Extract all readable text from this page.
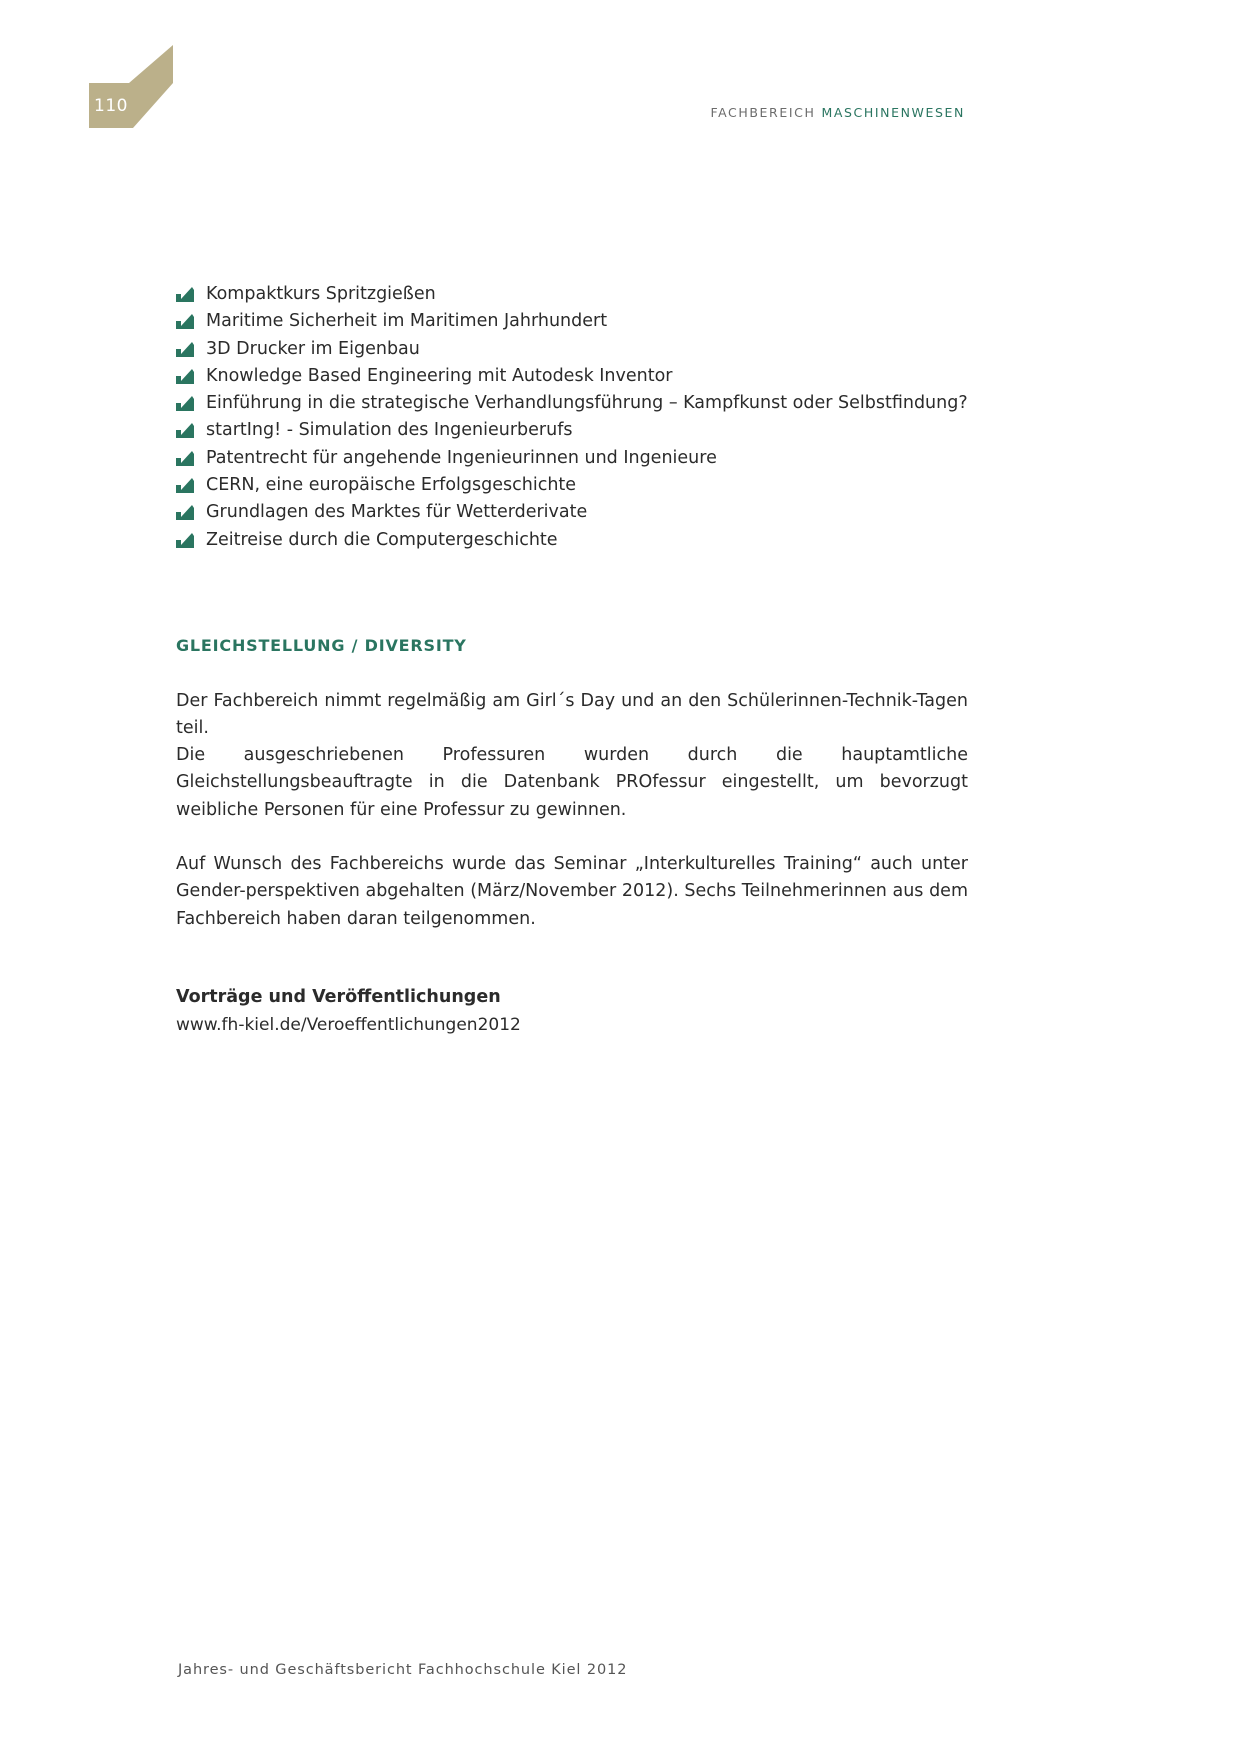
110	FACHBEREICH MASCHINENWESEN
Kompaktkurs Spritzgießen
Maritime Sicherheit im Maritimen Jahrhundert
3D Drucker im Eigenbau
Knowledge Based Engineering mit Autodesk Inventor
Einführung in die strategische Verhandlungsführung – Kampfkunst oder Selbstfindung?
startIng! - Simulation des Ingenieurberufs
Patentrecht für angehende Ingenieurinnen und Ingenieure
CERN, eine europäische Erfolgsgeschichte
Grundlagen des Marktes für Wetterderivate
Zeitreise durch die Computergeschichte
GLEICHSTELLUNG / DIVERSITY

Der Fachbereich nimmt regelmäßig am Girl´s Day und an den Schülerinnen-Technik-Tagen teil.

Die ausgeschriebenen Professuren wurden durch die hauptamtliche Gleichstellungsbeauftragte in die Datenbank PROfessur eingestellt, um bevorzugt weibliche Personen für eine Professur zu gewinnen.

Auf Wunsch des Fachbereichs wurde das Seminar „Interkulturelles Training“ auch unter Gender-perspektiven abgehalten (März/November 2012). Sechs Teilnehmerinnen aus dem Fachbereich haben daran teilgenommen.

Vorträge und Veröffentlichungen
www.fh-kiel.de/Veroeffentlichungen2012
Jahres- und Geschäftsbericht Fachhochschule Kiel 2012
